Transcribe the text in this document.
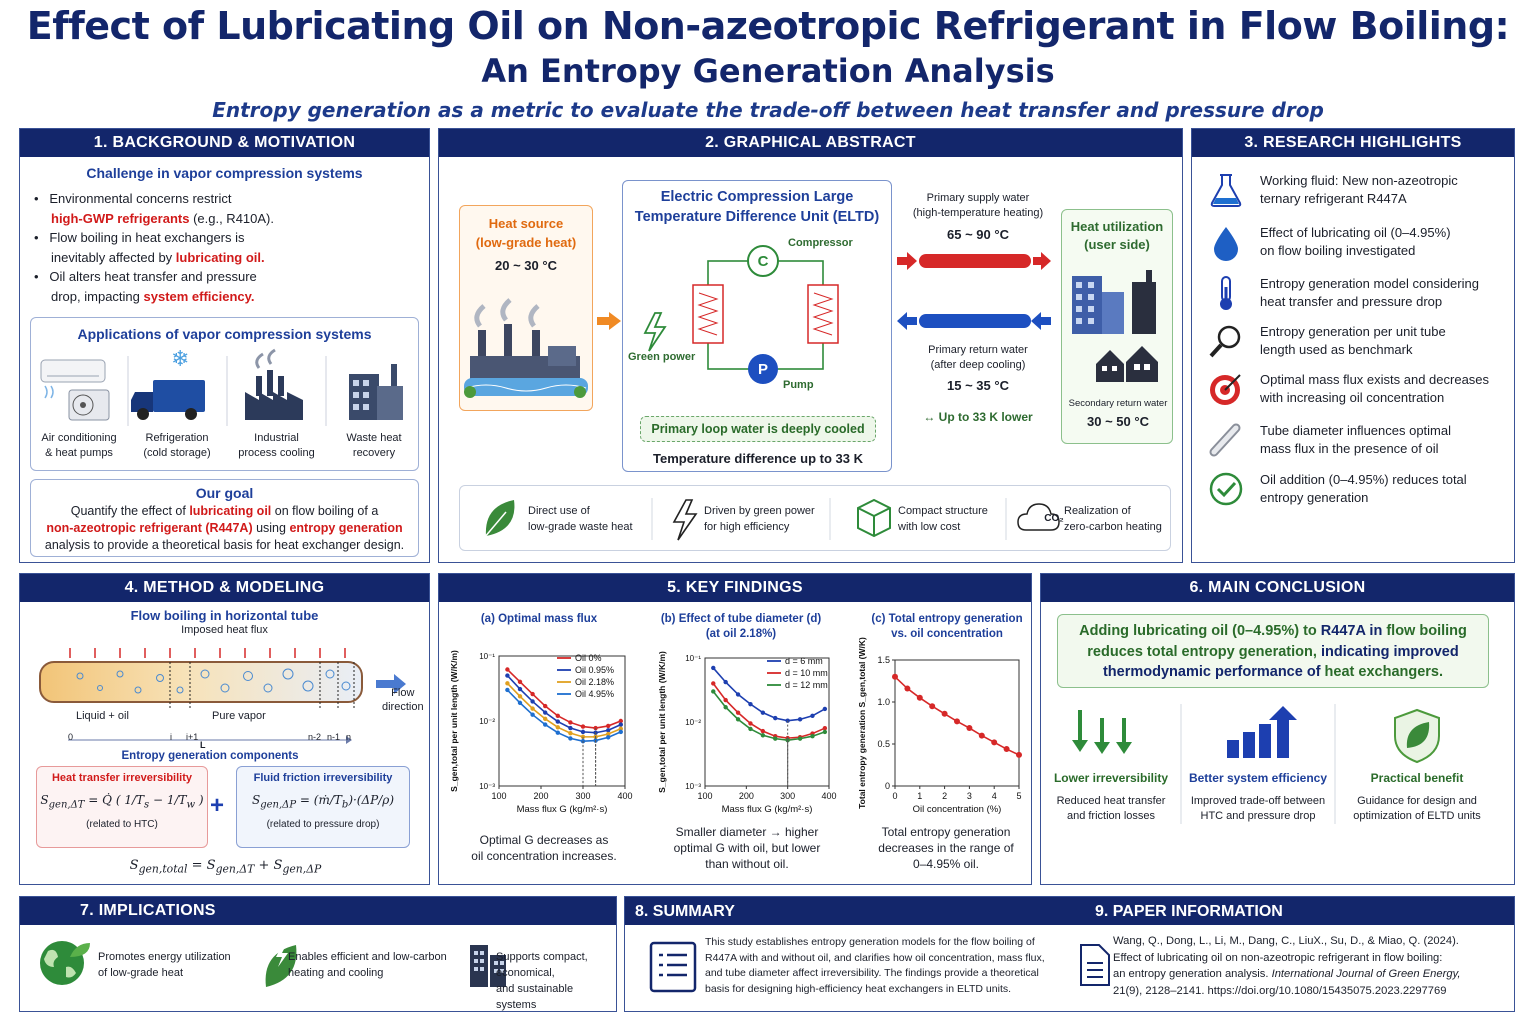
Effect of Lubricating Oil on Non-azeotropic Refrigerant in Flow Boiling:
An Entropy Generation Analysis
Entropy generation as a metric to evaluate the trade-off between heat transfer and pressure drop
1. BACKGROUND & MOTIVATION
Challenge in vapor compression systems
•   Environmental concerns restrict
high-GWP refrigerants (e.g., R410A).
•   Flow boiling in heat exchangers is
inevitably affected by lubricating oil.
•   Oil alters heat transfer and pressure
drop, impacting system efficiency.
Applications of vapor compression systems
❄
Air conditioning
& heat pumps
Refrigeration
(cold storage)
Industrial
process cooling
Waste heat
recovery
Our goal
Quantify the effect of lubricating oil on flow boiling of a
non-azeotropic refrigerant (R447A) using entropy generation
analysis to provide a theoretical basis for heat exchanger design.
2. GRAPHICAL ABSTRACT
Heat source
(low-grade heat)
20 ~ 30 °C
Electric Compression Large
Temperature Difference Unit (ELTD)
C
P
Compressor
Pump
Green power
Primary loop water is deeply cooled
Temperature difference up to 33 K
Primary supply water
(high-temperature heating)
65 ~ 90 °C
Primary return water
(after deep cooling)
15 ~ 35 °C
↔ Up to 33 K lower
Heat utilization
(user side)
Secondary return water
30 ~ 50 °C
CO₂
Direct use of
low-grade waste heat
Driven by green power
for high efficiency
Compact structure
with low cost
Realization of
zero-carbon heating
3. RESEARCH HIGHLIGHTS
Working fluid: New non-azeotropic
ternary refrigerant R447A
Effect of lubricating oil (0–4.95%)
on flow boiling investigated
Entropy generation model considering
heat transfer and pressure drop
Entropy generation per unit tube
length used as benchmark
Optimal mass flux exists and decreases
with increasing oil concentration
Tube diameter influences optimal
mass flux in the presence of oil
Oil addition (0–4.95%) reduces total
entropy generation
4. METHOD & MODELING
Flow boiling in horizontal tube
Imposed heat flux
Liquid + oil	Pure vapor
Flow
direction
0	i i+1
L
n-2 n-1 n
Entropy generation components
Heat transfer irreversibility
$S_{gen,\Delta T}$ = Q̇ ( $1/T_s - 1/T_w$ )
(related to HTC)
+
Fluid friction irreversibility
$S_{gen,\Delta P}$ = $(ṁ/T_b)\cdot(\Delta P/\rho)$
(related to pressure drop)
$S_{gen,total} = S_{gen,\Delta T} + S_{gen,\Delta P}$
5. KEY FINDINGS
(a) Optimal mass flux
100	200	300	400
10⁻¹
10⁻²
10⁻³
Mass flux G (kg/m²·s)
S_gen,total per unit length (W/K/m)	Oil 0%
Oil 0.95%
Oil 2.18%
Oil 4.95%
(b) Effect of tube diameter (d)
(at oil 2.18%)
100	200	300	400
10⁻¹
10⁻²
10⁻³
Mass flux G (kg/m²·s)
S_gen,total per unit length (W/K/m)	d = 6 mm
d = 10 mm
d = 12 mm
(c) Total entropy generation
vs. oil concentration
0 1 2 3 4 5
1.5
1.0
0.5
0
Oil concentration (%)
Total entropy generation S_gen,total (W/K)
Optimal G decreases as
oil concentration increases.
Smaller diameter → higher
optimal G with oil, but lower
than without oil.
Total entropy generation
decreases in the range of
0–4.95% oil.
6. MAIN CONCLUSION
Adding lubricating oil (0–4.95%) to R447A in flow boiling
reduces total entropy generation, indicating improved
thermodynamic performance of heat exchangers.
Lower irreversibility
Reduced heat transfer
and friction losses
Better system efficiency
Improved trade-off between
HTC and pressure drop
Practical benefit
Guidance for design and
optimization of ELTD units
7. IMPLICATIONS
Promotes energy utilization
of low-grade heat
Enables efficient and low-carbon
heating and cooling
Supports compact, economical,
and sustainable systems
8. SUMMARY	9. PAPER INFORMATION
This study establishes entropy generation models for the flow boiling of
R447A with and without oil, and clarifies how oil concentration, mass flux,
and tube diameter affect irreversibility. The findings provide a theoretical
basis for designing high-efficiency heat exchangers in ELTD units.
Wang, Q., Dong, L., Li, M., Dang, C., LiuX., Su, D., & Miao, Q. (2024).
Effect of lubricating oil on non-azeotropic refrigerant in flow boiling:
an entropy generation analysis. International Journal of Green Energy,
21(9), 2128–2141. https://doi.org/10.1080/15435075.2023.2297769
